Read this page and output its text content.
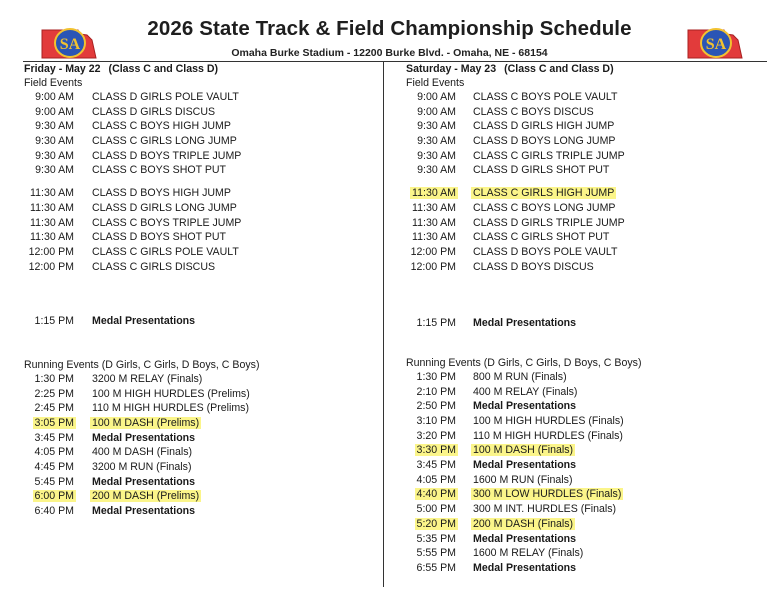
SA	SA
2026 State Track & Field Championship Schedule
Omaha Burke Stadium - 12200 Burke Blvd. - Omaha, NE - 68154
Friday - May 22 (Class C and Class D)
Field Events
9:00 AM CLASS D GIRLS POLE VAULT
9:00 AM CLASS D GIRLS DISCUS
9:30 AM CLASS C BOYS HIGH JUMP
9:30 AM CLASS C GIRLS LONG JUMP
9:30 AM CLASS D BOYS TRIPLE JUMP
9:30 AM CLASS C BOYS SHOT PUT
11:30 AM CLASS D BOYS HIGH JUMP
11:30 AM CLASS D GIRLS LONG JUMP
11:30 AM CLASS C BOYS TRIPLE JUMP
11:30 AM CLASS D BOYS SHOT PUT
12:00 PM CLASS C GIRLS POLE VAULT
12:00 PM CLASS C GIRLS DISCUS
1:15 PM Medal Presentations
Running Events (D Girls, C Girls, D Boys, C Boys)
1:30 PM 3200 M RELAY (Finals)
2:25 PM 100 M HIGH HURDLES (Prelims)
2:45 PM 110 M HIGH HURDLES (Prelims)
3:05 PM 100 M DASH (Prelims)
3:45 PM Medal Presentations
4:05 PM 400 M DASH (Finals)
4:45 PM 3200 M RUN (Finals)
5:45 PM Medal Presentations
6:00 PM 200 M DASH (Prelims)
6:40 PM Medal Presentations
Saturday - May 23 (Class C and Class D)
Field Events
9:00 AM CLASS C BOYS POLE VAULT
9:00 AM CLASS C BOYS DISCUS
9:30 AM CLASS D GIRLS HIGH JUMP
9:30 AM CLASS D BOYS LONG JUMP
9:30 AM CLASS C GIRLS TRIPLE JUMP
9:30 AM CLASS D GIRLS SHOT PUT
11:30 AM CLASS C GIRLS HIGH JUMP
11:30 AM CLASS C BOYS LONG JUMP
11:30 AM CLASS D GIRLS TRIPLE JUMP
11:30 AM CLASS C GIRLS SHOT PUT
12:00 PM CLASS D BOYS POLE VAULT
12:00 PM CLASS D BOYS DISCUS
1:15 PM Medal Presentations
Running Events (D Girls, C Girls, D Boys, C Boys)
1:30 PM 800 M RUN (Finals)
2:10 PM 400 M RELAY (Finals)
2:50 PM Medal Presentations
3:10 PM 100 M HIGH HURDLES (Finals)
3:20 PM 110 M HIGH HURDLES (Finals)
3:30 PM 100 M DASH (Finals)
3:45 PM Medal Presentations
4:05 PM 1600 M RUN (Finals)
4:40 PM 300 M LOW HURDLES (Finals)
5:00 PM 300 M INT. HURDLES (Finals)
5:20 PM 200 M DASH (Finals)
5:35 PM Medal Presentations
5:55 PM 1600 M RELAY (Finals)
6:55 PM Medal Presentations
